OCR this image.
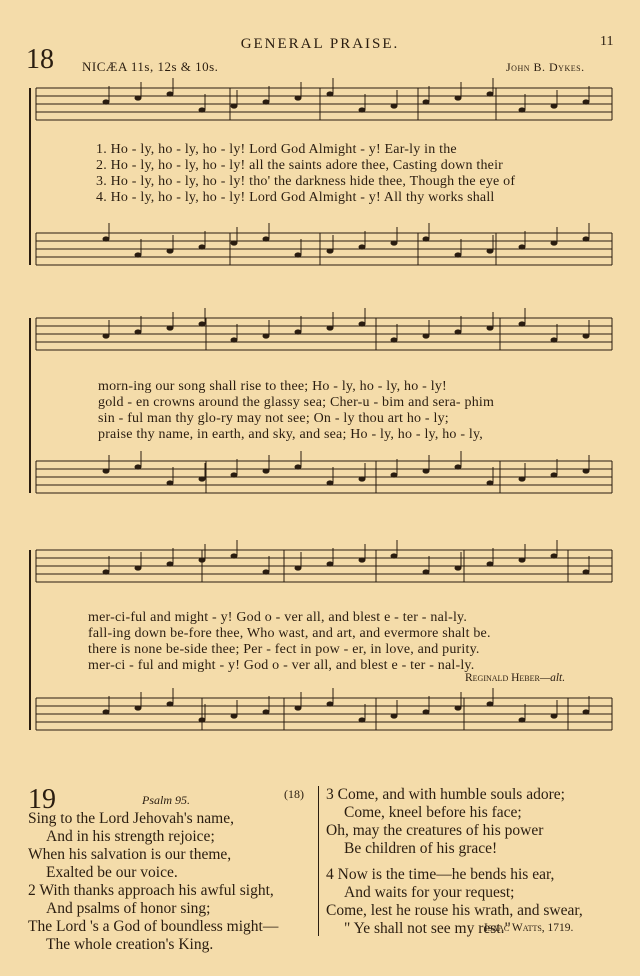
GENERAL PRAISE.	11
18 NICÆA 11s, 12s & 10s.	John B. Dykes.
1. Ho - ly, ho - ly, ho - ly! Lord God Almight - y! Ear-ly in the
2. Ho - ly, ho - ly, ho - ly! all the saints adore thee, Casting down their
3. Ho - ly, ho - ly, ho - ly! tho' the darkness hide thee, Though the eye of
4. Ho - ly, ho - ly, ho - ly! Lord God Almight - y! All thy works shall
morn-ing our song shall rise to thee; Ho - ly, ho - ly, ho - ly!
gold - en crowns around the glassy sea; Cher-u - bim and sera- phim
sin - ful man thy glo-ry may not see; On - ly thou art ho - ly;
praise thy name, in earth, and sky, and sea; Ho - ly, ho - ly, ho - ly,
mer-ci-ful and might - y! God o - ver all, and blest e - ter - nal-ly.
fall-ing down be-fore thee, Who wast, and art, and evermore shalt be.
there is none be-side thee; Per - fect in pow - er, in love, and purity.
mer-ci - ful and might - y! God o - ver all, and blest e - ter - nal-ly.
Reginald Heber—alt.
19	Psalm 95.	(18)
Sing to the Lord Jehovah's name,
And in his strength rejoice;
When his salvation is our theme,
Exalted be our voice.
2 With thanks approach his awful sight,
And psalms of honor sing;
The Lord 's a God of boundless might—
The whole creation's King.
3 Come, and with humble souls adore;
Come, kneel before his face;
Oh, may the creatures of his power
Be children of his grace!
4 Now is the time—he bends his ear,
And waits for your request;
Come, lest he rouse his wrath, and swear,
" Ye shall not see my rest."
Isaac Watts, 1719.
